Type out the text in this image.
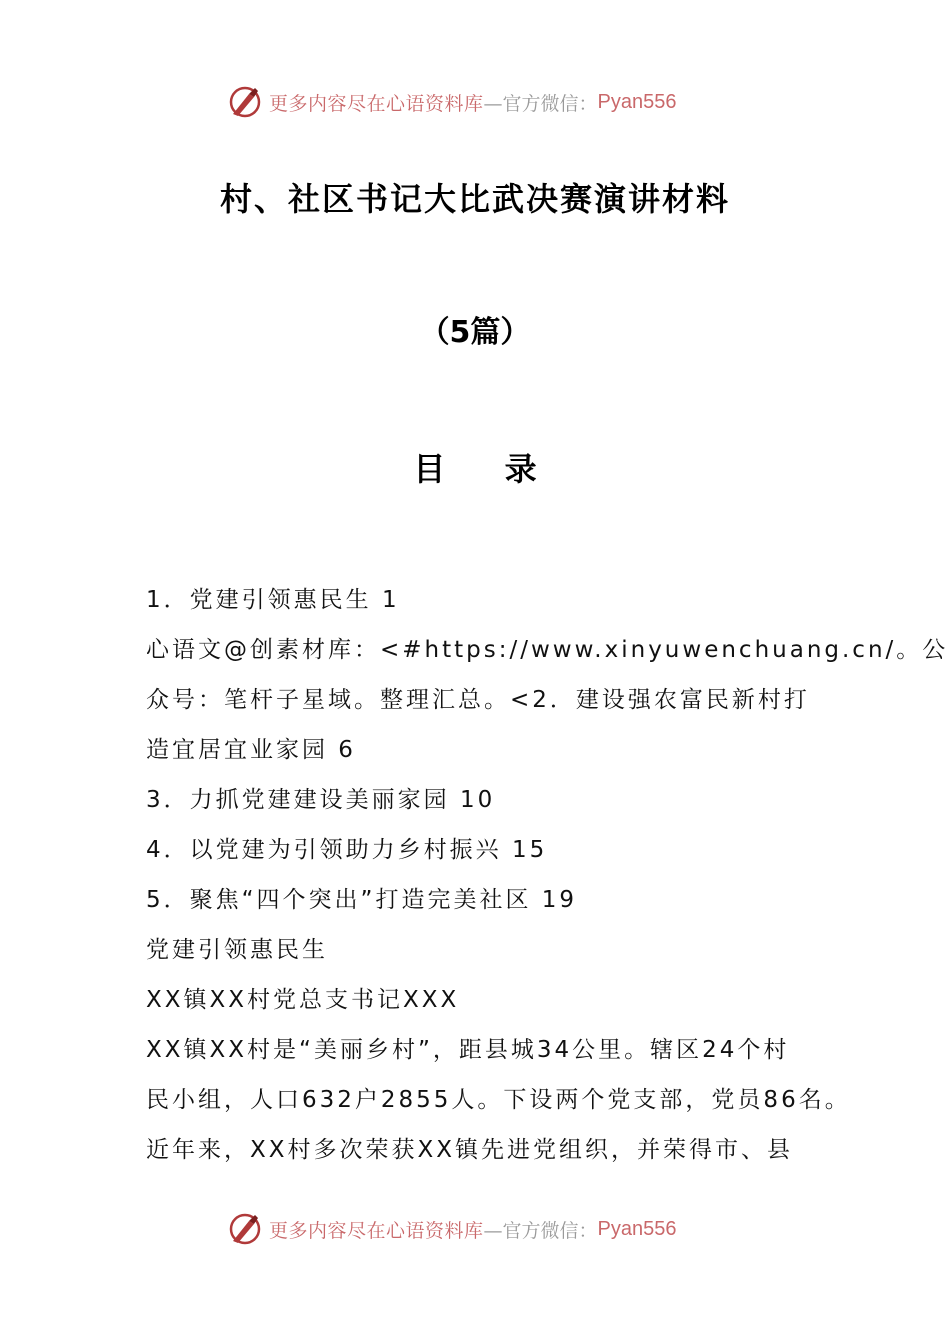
更多内容尽在心语资料库 —官方微信： Pyan556
村、社区书记大比武决赛演讲材料
（5篇）
目 录
1．党建引领惠民生 1
心语文@创素材库：<#https://www.xinyuwenchuang.cn/。公
众号：笔杆子星域。整理汇总。<2．建设强农富民新村打
造宜居宜业家园 6
3．力抓党建建设美丽家园 10
4．以党建为引领助力乡村振兴 15
5．聚焦“四个突出”打造完美社区 19
党建引领惠民生
XX镇XX村党总支书记XXX
XX镇XX村是“美丽乡村”，距县城34公里。辖区24个村
民小组，人口632户2855人。下设两个党支部，党员86名。
近年来，XX村多次荣获XX镇先进党组织，并荣得市、县
更多内容尽在心语资料库 —官方微信： Pyan556
